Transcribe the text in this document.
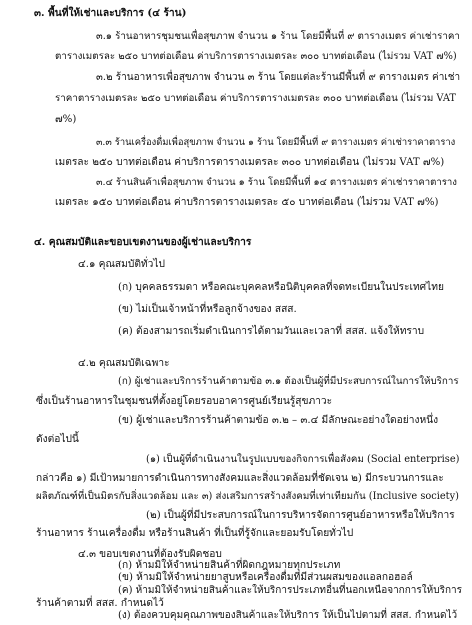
๓. พื้นที่ให้เช่าและบริการ (๔ ร้าน)
๓.๑ ร้านอาหารชุมชนเพื่อสุขภาพ จำนวน ๑ ร้าน โดยมีพื้นที่ ๙ ตารางเมตร ค่าเช่าราคา
ตารางเมตรละ ๒๕๐ บาทต่อเดือน ค่าบริการตารางเมตรละ ๓๐๐ บาทต่อเดือน (ไม่รวม VAT ๗%)
๓.๒ ร้านอาหารเพื่อสุขภาพ จำนวน ๓ ร้าน โดยแต่ละร้านมีพื้นที่ ๙ ตารางเมตร ค่าเช่า
ราคาตารางเมตรละ ๒๕๐ บาทต่อเดือน ค่าบริการตารางเมตรละ ๓๐๐ บาทต่อเดือน (ไม่รวม VAT
๗%)
๓.๓ ร้านเครื่องดื่มเพื่อสุขภาพ จำนวน ๑ ร้าน โดยมีพื้นที่ ๙ ตารางเมตร ค่าเช่าราคาตาราง
เมตรละ ๒๕๐ บาทต่อเดือน ค่าบริการตารางเมตรละ ๓๐๐ บาทต่อเดือน (ไม่รวม VAT ๗%)
๓.๔ ร้านสินค้าเพื่อสุขภาพ จำนวน ๑ ร้าน โดยมีพื้นที่ ๑๔ ตารางเมตร ค่าเช่าราคาตาราง
เมตรละ ๑๕๐ บาทต่อเดือน ค่าบริการตารางเมตรละ ๕๐ บาทต่อเดือน (ไม่รวม VAT ๗%)
๔. คุณสมบัติและขอบเขตงานของผู้เช่าและบริการ
๔.๑ คุณสมบัติทั่วไป
(ก) บุคคลธรรมดา หรือคณะบุคคลหรือนิติบุคคลที่จดทะเบียนในประเทศไทย
(ข) ไม่เป็นเจ้าหน้าที่หรือลูกจ้างของ สสส.
(ค) ต้องสามารถเริ่มดำเนินการได้ตามวันและเวลาที่ สสส. แจ้งให้ทราบ
๔.๒ คุณสมบัติเฉพาะ
(ก) ผู้เช่าและบริการร้านค้าตามข้อ ๓.๑ ต้องเป็นผู้ที่มีประสบการณ์ในการให้บริการ
ซึ่งเป็นร้านอาหารในชุมชนที่ตั้งอยู่โดยรอบอาคารศูนย์เรียนรู้สุขภาวะ
(ข) ผู้เช่าและบริการร้านค้าตามข้อ ๓.๒ – ๓.๔ มีลักษณะอย่างใดอย่างหนึ่ง
ดังต่อไปนี้
(๑) เป็นผู้ที่ดำเนินงานในรูปแบบของกิจการเพื่อสังคม (Social enterprise)
กล่าวคือ ๑) มีเป้าหมายการดำเนินการทางสังคมและสิ่งแวดล้อมที่ชัดเจน ๒) มีกระบวนการและ
ผลิตภัณฑ์ที่เป็นมิตรกับสิ่งแวดล้อม และ ๓) ส่งเสริมการสร้างสังคมที่เท่าเทียมกัน (Inclusive society)
(๒) เป็นผู้ที่มีประสบการณ์ในการบริหารจัดการศูนย์อาหารหรือให้บริการ
ร้านอาหาร ร้านเครื่องดื่ม หรือร้านสินค้า ที่เป็นที่รู้จักและยอมรับโดยทั่วไป
๔.๓ ขอบเขตงานที่ต้องรับผิดชอบ
(ก) ห้ามมิให้จำหน่ายสินค้าที่ผิดกฎหมายทุกประเภท
(ข) ห้ามมิให้จำหน่ายยาสูบหรือเครื่องดื่มที่มีส่วนผสมของแอลกอฮอล์
(ค) ห้ามมิให้จำหน่ายสินค้าและให้บริการประเภทอื่นที่นอกเหนือจากการให้บริการ
ร้านค้าตามที่ สสส. กำหนดไว้
(ง) ต้องควบคุมคุณภาพของสินค้าและให้บริการ ให้เป็นไปตามที่ สสส. กำหนดไว้
